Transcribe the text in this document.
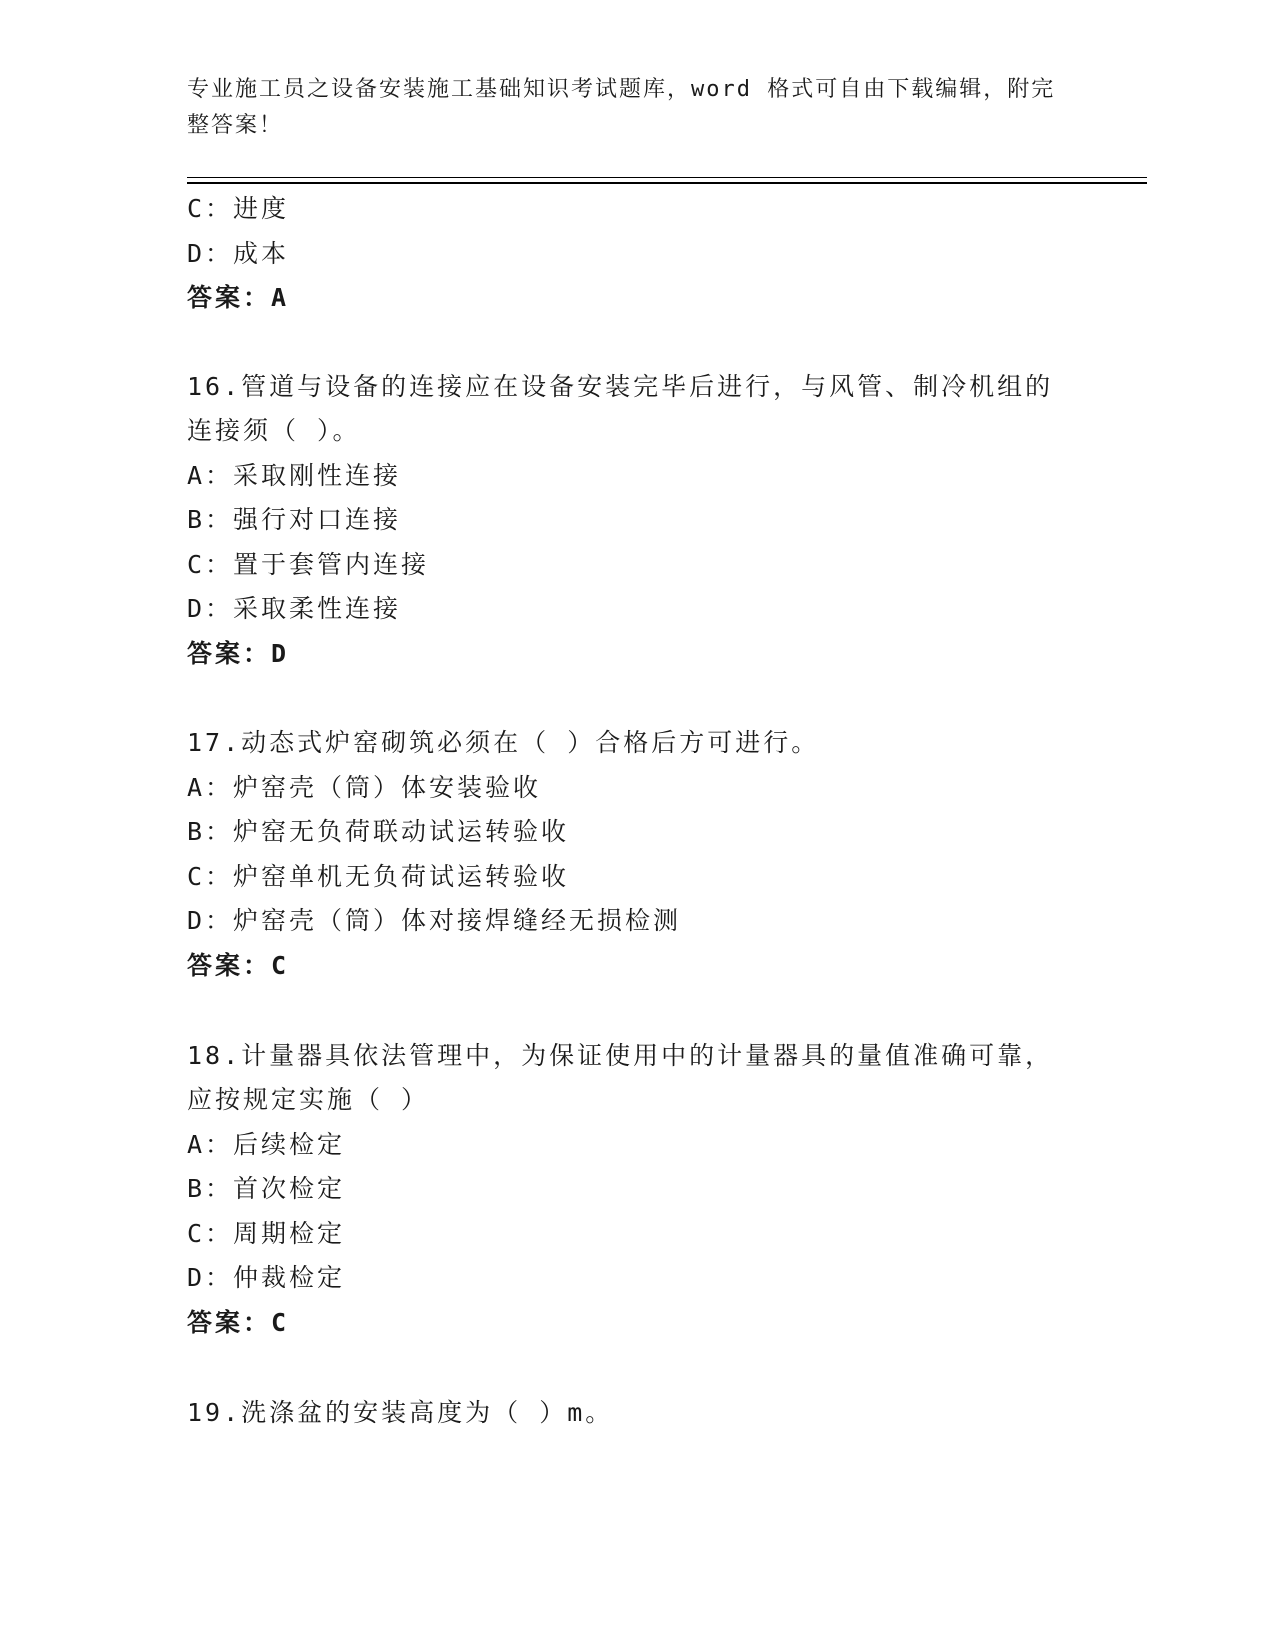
专业施工员之设备安装施工基础知识考试题库，word 格式可自由下载编辑，附完
整答案！
C：进度
D：成本
答案：A
16.管道与设备的连接应在设备安装完毕后进行，与风管、制冷机组的
连接须（ ）。
A：采取刚性连接
B：强行对口连接
C：置于套管内连接
D：采取柔性连接
答案：D
17.动态式炉窑砌筑必须在（ ）合格后方可进行。
A：炉窑壳（筒）体安装验收
B：炉窑无负荷联动试运转验收
C：炉窑单机无负荷试运转验收
D：炉窑壳（筒）体对接焊缝经无损检测
答案：C
18.计量器具依法管理中，为保证使用中的计量器具的量值准确可靠，
应按规定实施（ ）
A：后续检定
B：首次检定
C：周期检定
D：仲裁检定
答案：C
19.洗涤盆的安装高度为（ ）m。
